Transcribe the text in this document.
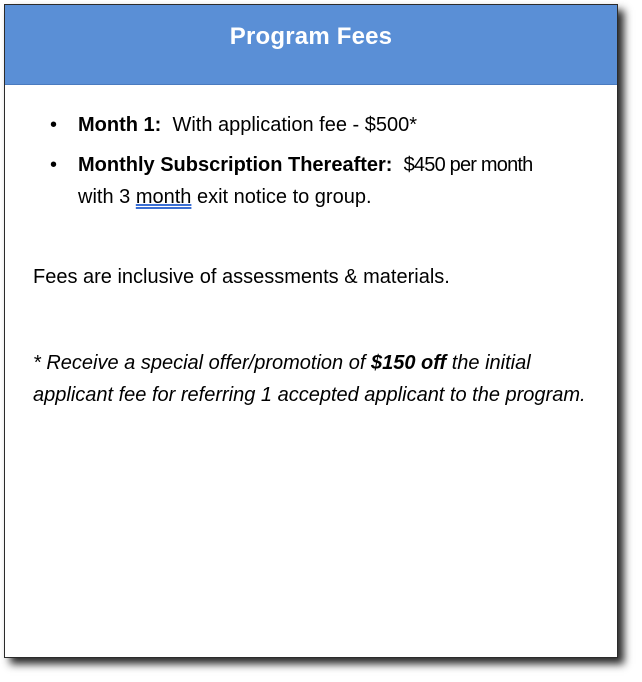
Program Fees
• Month 1: With application fee - $500*
• Monthly Subscription Thereafter: $450 per month
with 3 month exit notice to group.
Fees are inclusive of assessments & materials.
* Receive a special offer/promotion of $150 off the initial applicant fee for referring 1 accepted applicant to the program.
